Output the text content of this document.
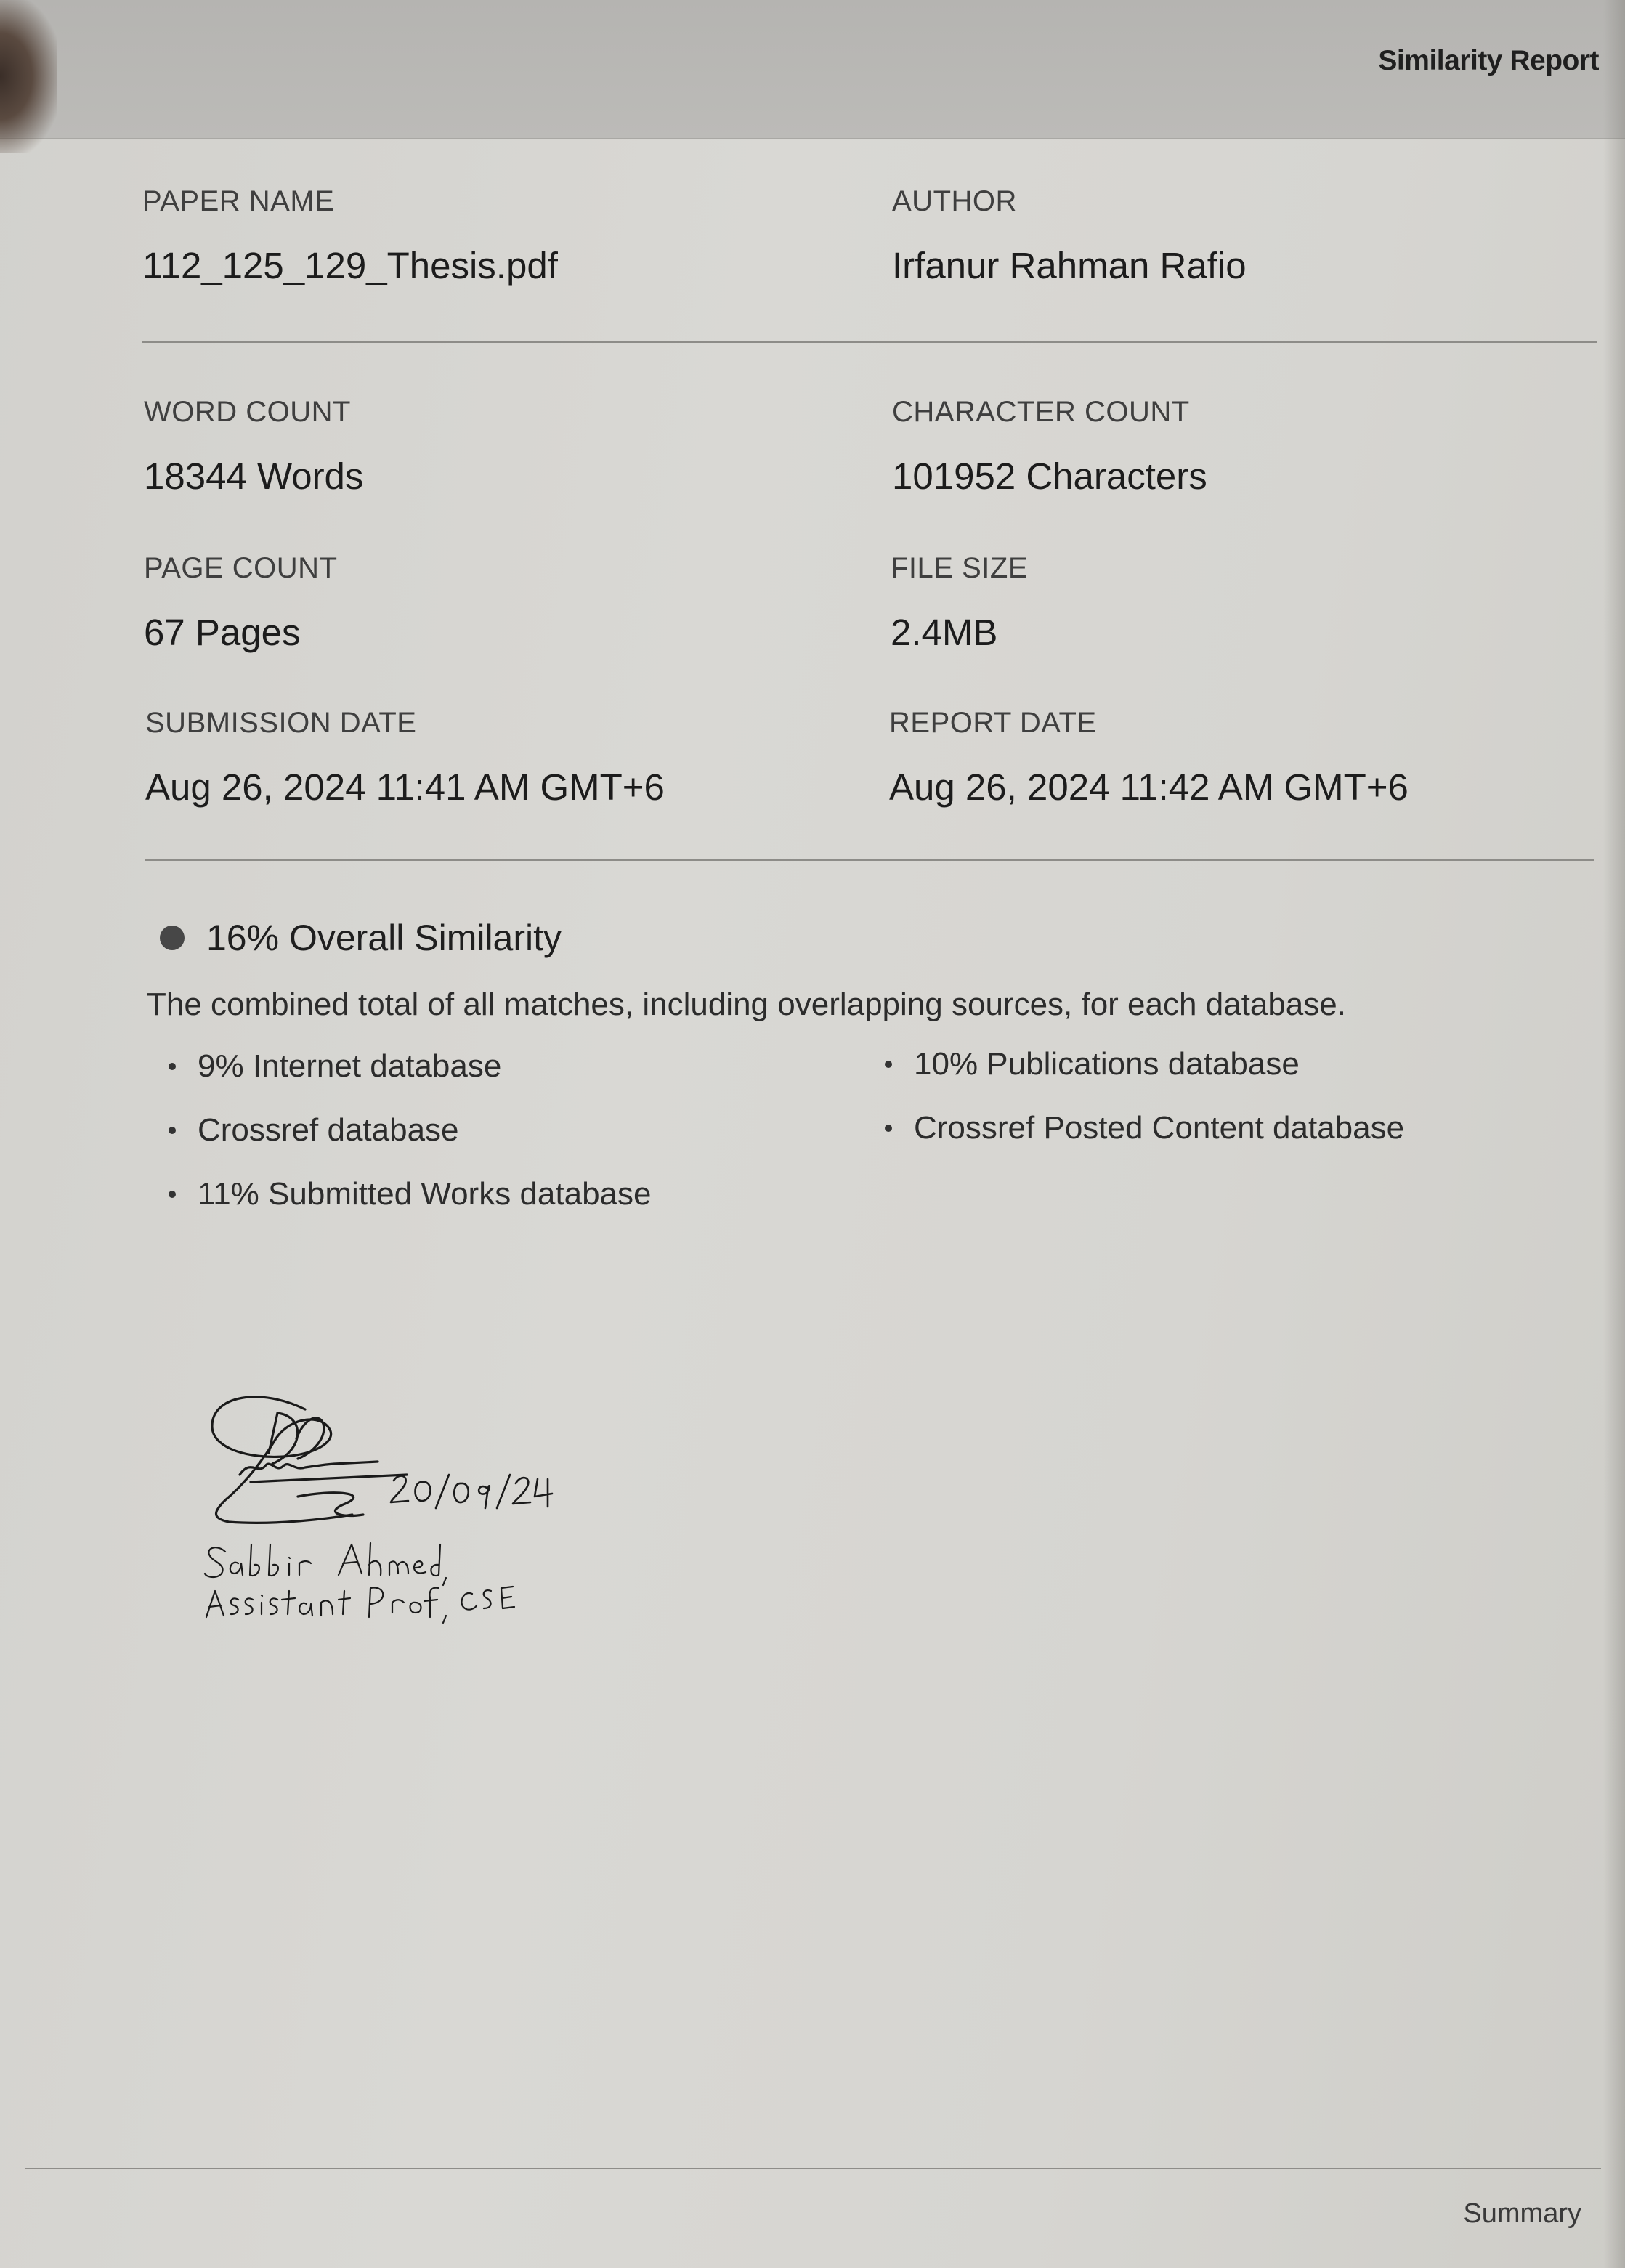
Similarity Report
PAPER NAME
112_125_129_Thesis.pdf
AUTHOR
Irfanur Rahman Rafio
WORD COUNT
18344 Words
CHARACTER COUNT
101952 Characters
PAGE COUNT
67 Pages
FILE SIZE
2.4MB
SUBMISSION DATE
Aug 26, 2024 11:41 AM GMT+6
REPORT DATE
Aug 26, 2024 11:42 AM GMT+6
16% Overall Similarity
The combined total of all matches, including overlapping sources, for each database.
9% Internet database	10% Publications database
Crossref database	Crossref Posted Content database
11% Submitted Works database
Summary
